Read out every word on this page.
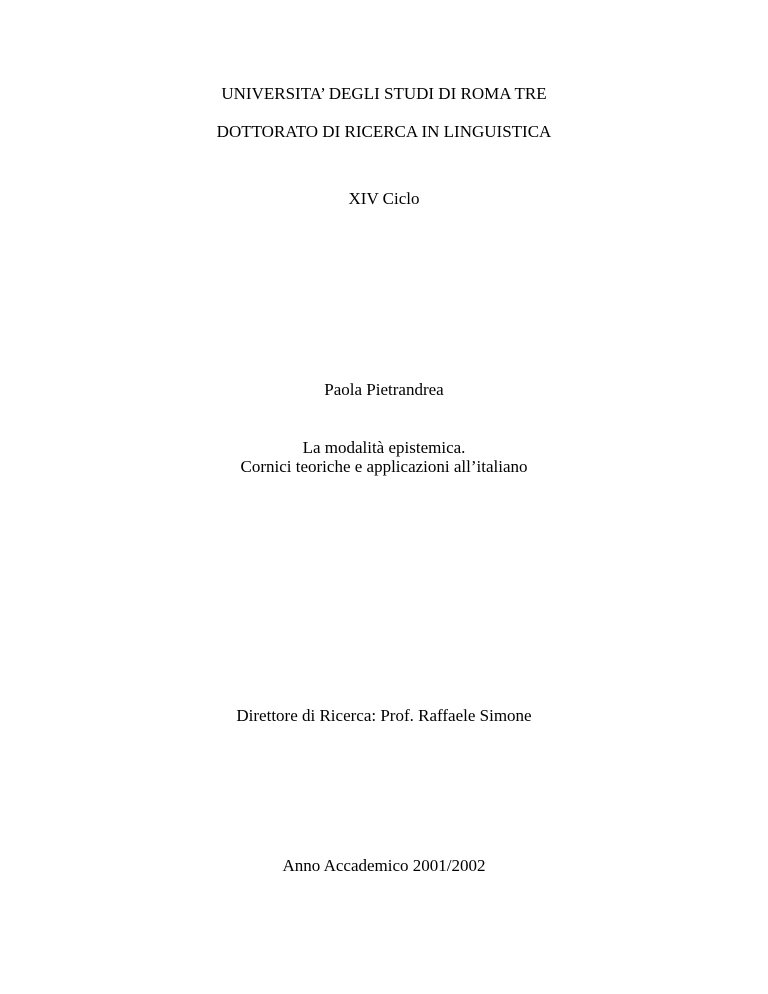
UNIVERSITA’ DEGLI STUDI DI ROMA TRE
DOTTORATO DI RICERCA IN LINGUISTICA
XIV Ciclo
Paola Pietrandrea
La modalità epistemica.
Cornici teoriche e applicazioni all’italiano
Direttore di Ricerca: Prof. Raffaele Simone
Anno Accademico 2001/2002
